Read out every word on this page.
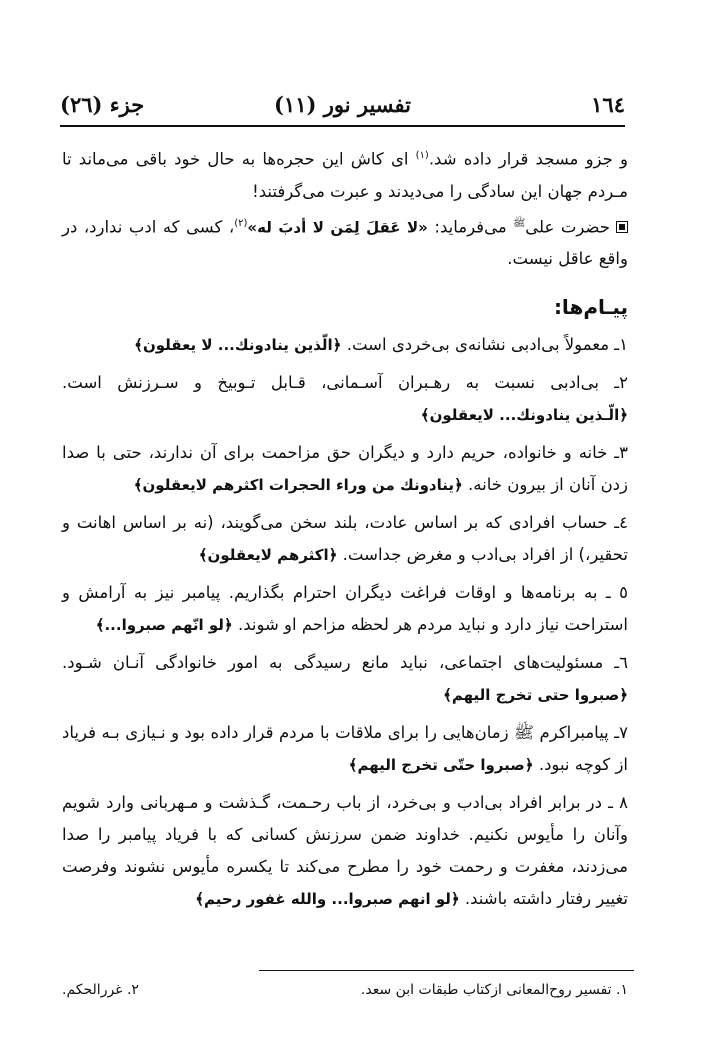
١٦٤
تفسیر نور (١١)
جزء (٢٦)

و جزو مسجد قرار داده شد.$^{(١)}$ ای کاش این حجره‌ها به حال خود باقی می‌ماند تا مـردم جهان این سادگی را می‌دیدند و عبرت می‌گرفتند!

حضرت علی$^ﷺ$ می‌فرماید: «لا عَقلَ لِمَن لا أدبَ له»$^{(٢)}$، کسی که ادب ندارد، در واقع عاقل نیست.

پیـام‌ها:

١ـ معمولاً بی‌ادبی نشانه‌ی بی‌خردی است. ﴿الّذین ینادونك... لا یعقلون﴾

٢ـ بی‌ادبی نسبت به رهـبران آسـمانی، قـابل تـوبیخ و سـرزنش است. ﴿الّـذین ینادونك... لایعقلون﴾

٣ـ خانه و خانواده، حریم دارد و دیگران حق مزاحمت برای آن ندارند، حتی با صدا زدن آنان از بیرون خانه. ﴿ینادونك من وراء الحجرات اكثرهم لایعقلون﴾

٤ـ حساب افرادی که بر اساس عادت، بلند سخن می‌گویند، (نه بر اساس اهانت و تحقیر،) از افراد بی‌ادب و مغرض جداست. ﴿اكثرهم لایعقلون﴾

٥ ـ به برنامه‌ها و اوقات فراغت دیگران احترام بگذاریم. پیامبر نیز به آرامش و استراحت نیاز دارد و نباید مردم هر لحظه مزاحم او شوند. ﴿لو انّهم صبروا...﴾

٦ـ مسئولیت‌های اجتماعی، نباید مانع رسیدگی به امور خانوادگی آنـان شـود. ﴿صبروا حتی تخرج الیهم﴾

٧ـ پیامبراکرم ﷺ زمان‌هایی را برای ملاقات با مردم قرار داده بود و نـیازی بـه فریاد از کوچه نبود. ﴿صبروا حتّی تخرج الیهم﴾

٨ ـ در برابر افراد بی‌ادب و بی‌خرد، از باب رحـمت، گـذشت و مـهربانی وارد شویم وآنان را مأیوس نکنیم. خداوند ضمن سرزنش کسانی که با فریاد پیامبر را صدا می‌زدند، مغفرت و رحمت خود را مطرح می‌کند تا یکسره مأیوس نشوند وفرصت تغییر رفتار داشته باشند. ﴿لو انهم صبروا... والله غفور رحیم﴾

١. تفسیر روح‌المعانی ازکتاب طبقات ابن سعد.
٢. غررالحکم.
